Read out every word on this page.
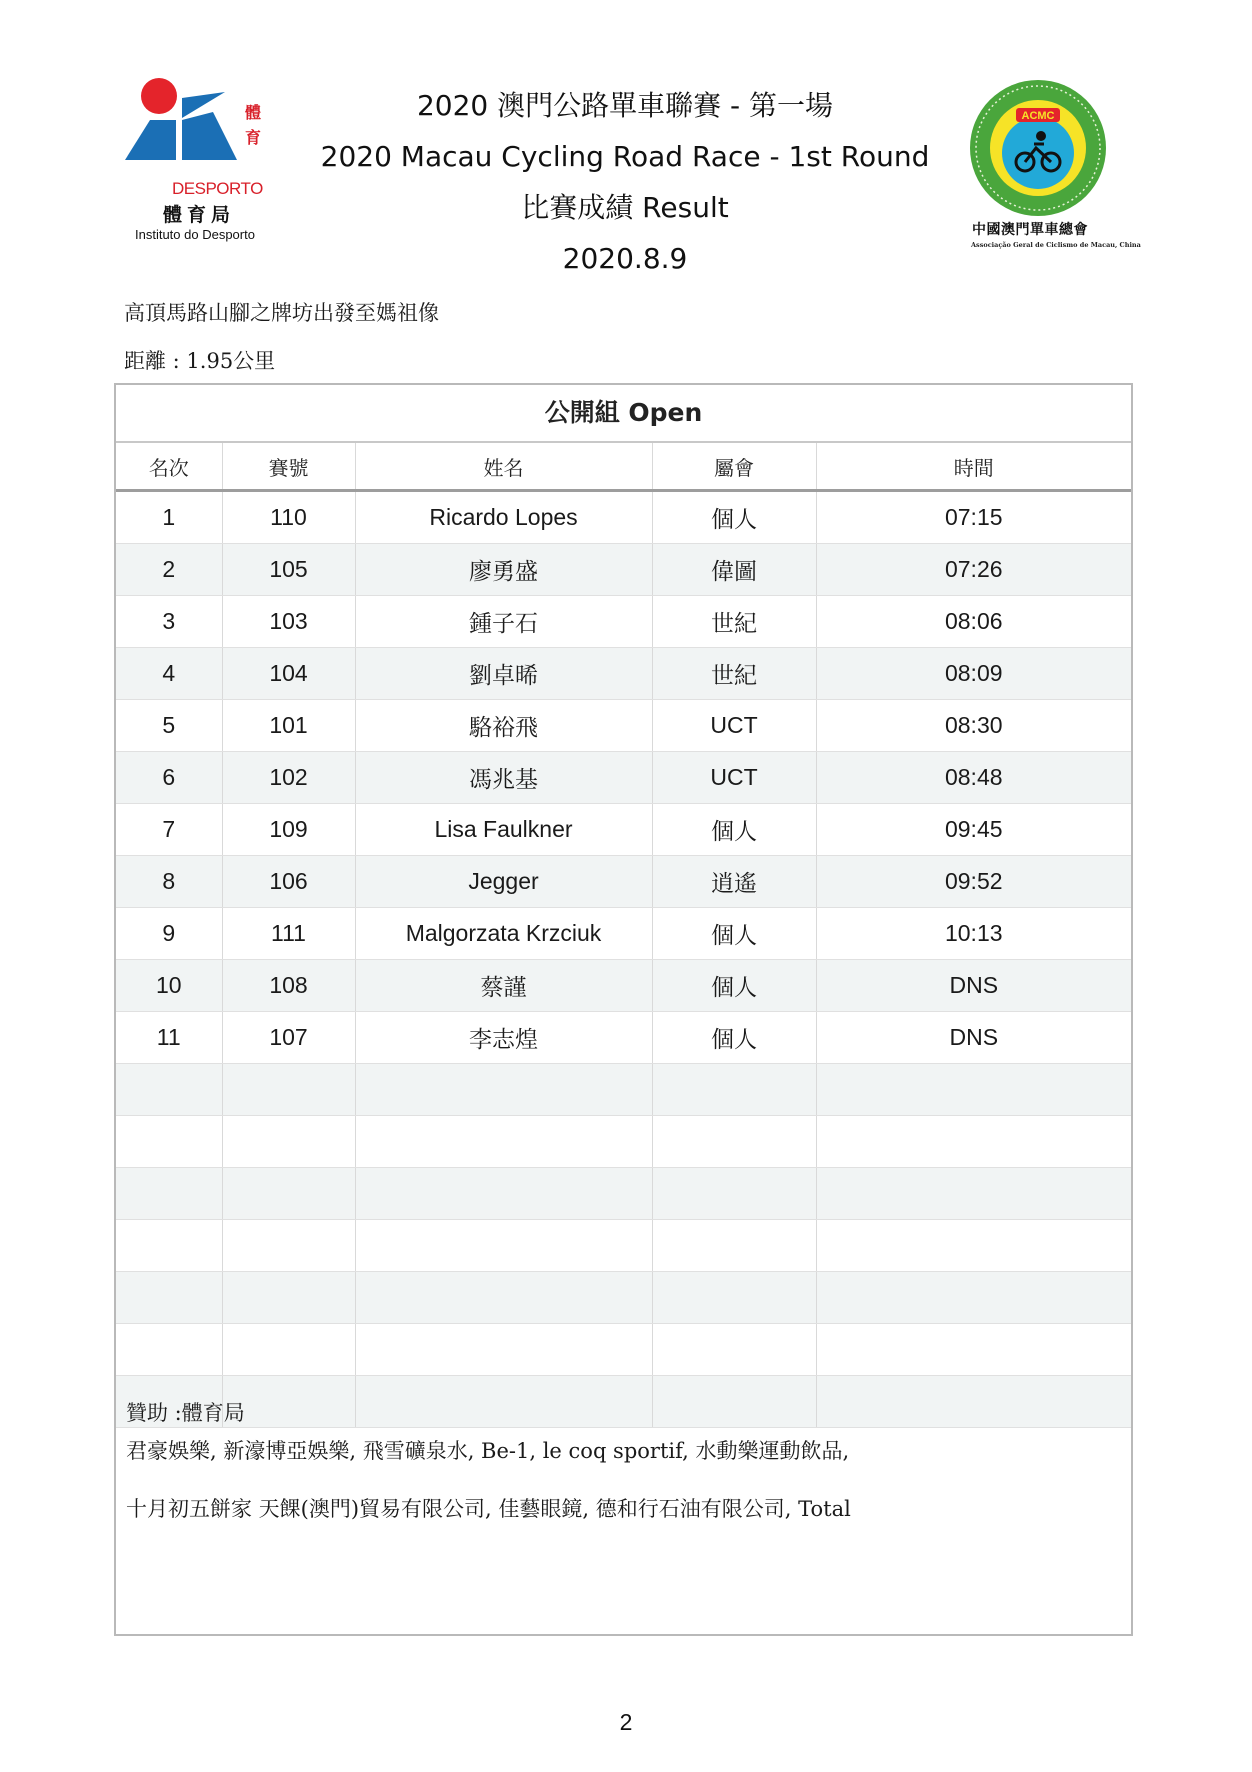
體
育
DESPORTO
體育局
Instituto do Desporto
2020 澳門公路單車聯賽 - 第一場
2020 Macau Cycling Road Race - 1st Round
比賽成績 Result
2020.8.9
ACMC
中國澳門單車總會
Associação Geral de Ciclismo de Macau, China
高頂馬路山腳之牌坊出發至媽祖像
距離 : 1.95公里
公開組 Open
名次	賽號	姓名	屬會	時間
1	110	Ricardo Lopes	個人	07:15
2	105	廖勇盛	偉圖	07:26
3	103	鍾子石	世紀	08:06
4	104	劉卓晞	世紀	08:09
5	101	駱裕飛	UCT	08:30
6	102	馮兆基	UCT	08:48
7	109	Lisa Faulkner	個人	09:45
8	106	Jegger	逍遙	09:52
9	111	Malgorzata Krzciuk	個人	10:13
10	108	蔡謹	個人	DNS
11	107	李志煌	個人	DNS

贊助 :體育局
君豪娛樂, 新濠博亞娛樂, 飛雪礦泉水, Be-1, le coq sportif, 水動樂運動飲品,
十月初五餅家 天餜(澳門)貿易有限公司, 佳藝眼鏡, 德和行石油有限公司, Total
2
